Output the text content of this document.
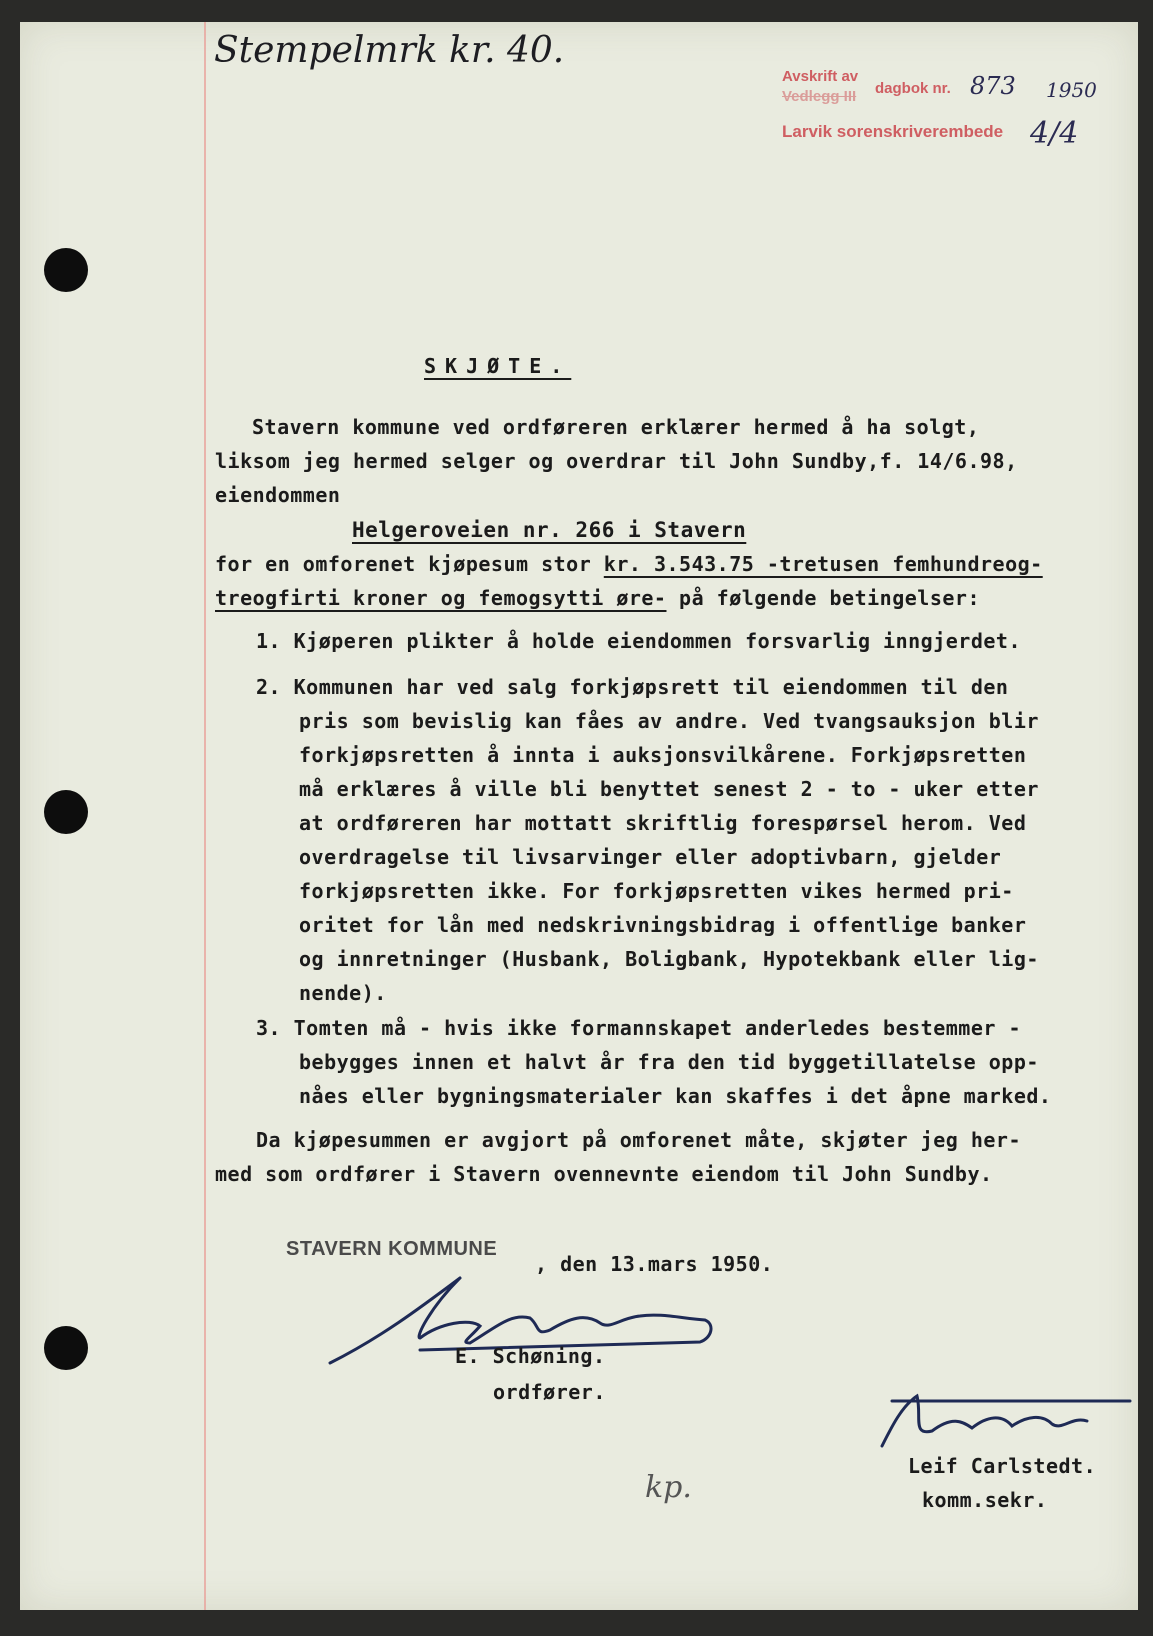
Stempelmrk kr. 40.
Avskrift av
dagbok nr. 873 1950
Vedlegg III
Larvik sorenskriverembede 4/4
SKJØTE.
Stavern kommune ved ordføreren erklærer hermed å ha solgt,
liksom jeg hermed selger og overdrar til John Sundby,f. 14/6.98,
eiendommen
Helgeroveien nr. 266 i Stavern
for en omforenet kjøpesum stor kr. 3.543.75 -tretusen femhundreog-
treogfirti kroner og femogsytti øre- på følgende betingelser:
1. Kjøperen plikter å holde eiendommen forsvarlig inngjerdet.
2. Kommunen har ved salg forkjøpsrett til eiendommen til den
pris som bevislig kan fåes av andre. Ved tvangsauksjon blir
forkjøpsretten å innta i auksjonsvilkårene. Forkjøpsretten
må erklæres å ville bli benyttet senest 2 - to - uker etter
at ordføreren har mottatt skriftlig forespørsel herom. Ved
overdragelse til livsarvinger eller adoptivbarn, gjelder
forkjøpsretten ikke. For forkjøpsretten vikes hermed pri-
oritet for lån med nedskrivningsbidrag i offentlige banker
og innretninger (Husbank, Boligbank, Hypotekbank eller lig-
nende).
3. Tomten må - hvis ikke formannskapet anderledes bestemmer -
bebygges innen et halvt år fra den tid byggetillatelse opp-
nåes eller bygningsmaterialer kan skaffes i det åpne marked.
Da kjøpesummen er avgjort på omforenet måte, skjøter jeg her-
med som ordfører i Stavern ovennevnte eiendom til John Sundby.
STAVERN KOMMUNE
, den 13.mars 1950.
E. Schøning.
ordfører.
Leif Carlstedt.
komm.sekr.
kp.
